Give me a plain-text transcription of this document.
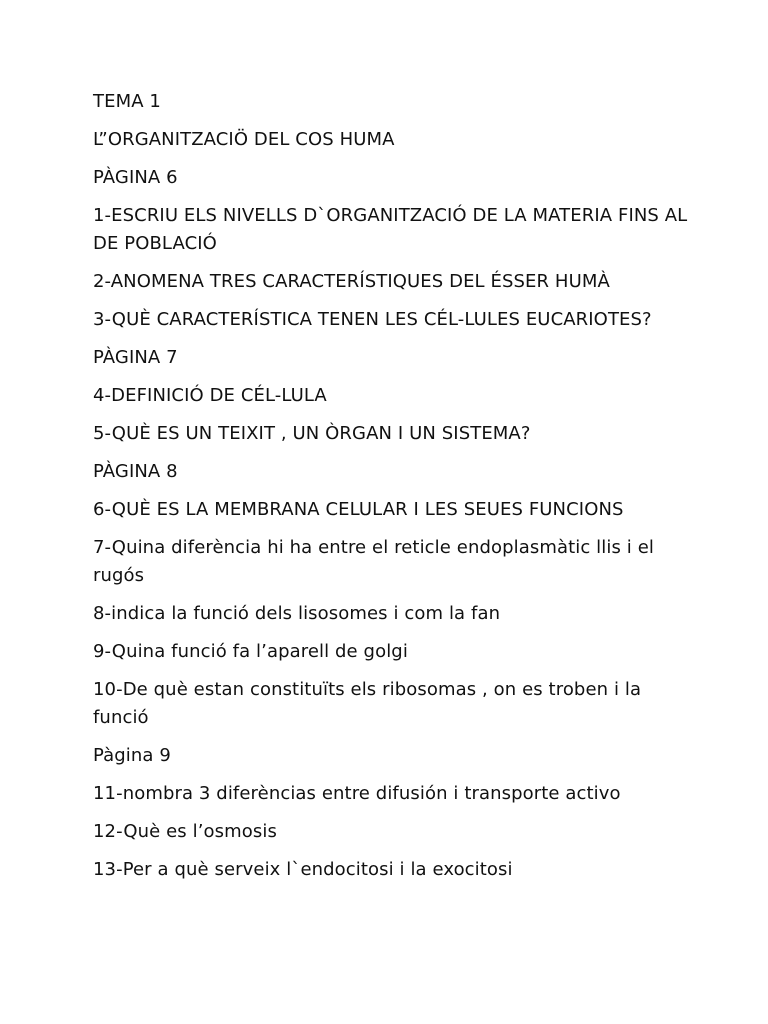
TEMA 1

L”ORGANITZACIÖ DEL COS HUMA

PÀGINA 6

1-ESCRIU ELS NIVELLS D`ORGANITZACIÓ DE LA MATERIA FINS AL DE POBLACIÓ

2-ANOMENA TRES CARACTERÍSTIQUES DEL ÉSSER HUMÀ

3-QUÈ CARACTERÍSTICA TENEN LES CÉL-LULES EUCARIOTES?

PÀGINA 7

4-DEFINICIÓ DE CÉL-LULA

5-QUÈ ES UN TEIXIT , UN ÒRGAN I UN SISTEMA?

PÀGINA 8

6-QUÈ ES LA MEMBRANA CELULAR I LES SEUES FUNCIONS

7-Quina diferència hi ha entre el reticle endoplasmàtic llis i el rugós

8-indica la funció dels lisosomes i com la fan

9-Quina funció fa l’aparell de golgi

10-De què estan constituïts els ribosomas , on es troben i la funció

Pàgina 9

11-nombra 3 diferèncias entre difusión i transporte activo

12-Què es l’osmosis

13-Per a què serveix l`endocitosi i la exocitosi
